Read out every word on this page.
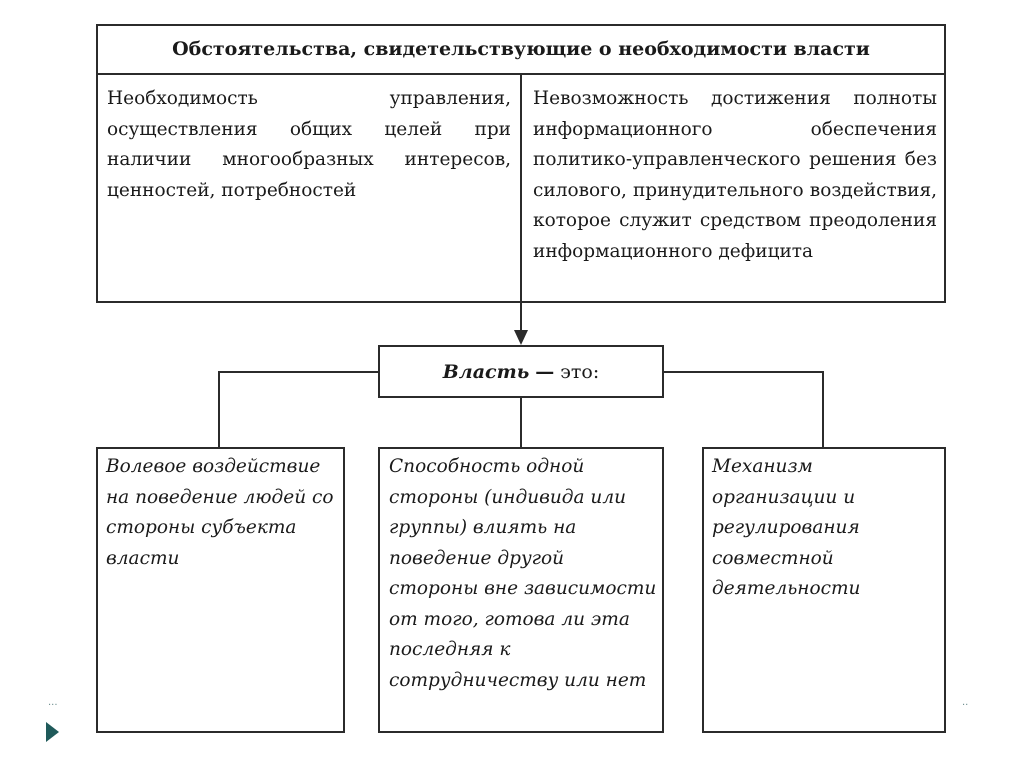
Обстоятельства, свидетельствующие о необходимости власти
Необходимость управления, осуществления общих целей при наличии многообразных интересов, ценностей, потребностей
Невозможность достижения полноты информационного обеспечения политико-управленческого решения без силового, принудительного воздействия, которое служит средством преодоления информационного дефицита
Власть — это:
Волевое воздействие на поведение людей со стороны субъекта власти
Способность одной стороны (индивида или группы) влиять на поведение другой стороны вне зависимости от того, готова ли эта последняя к сотрудничеству или нет
Механизм организации и регулирования совместной деятельности
···	··
